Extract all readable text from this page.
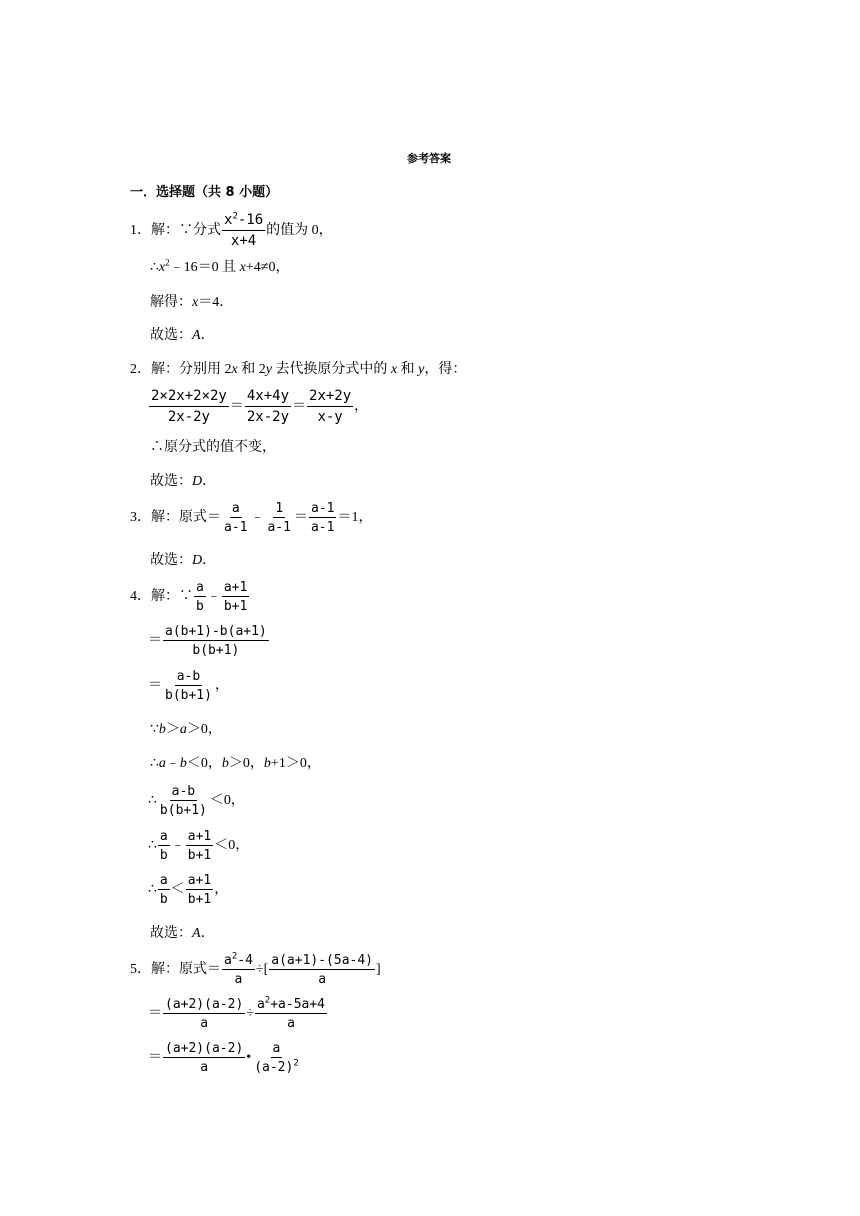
参考答案
一．选择题（共 8 小题）
1．解：∵分式 $\frac{x^2-16}{x+4}$ 的值为 0，
$\therefore x^2﹣16=0$ 且 x+4≠0，
解得：x＝4．
故选：A．
2．解：分别用 2x 和 2y 去代换原分式中的 x 和 y，得：
$\frac{2\times 2x+2\times 2y}{2x-2y} = \frac{4x+4y}{2x-2y} = \frac{2x+2y}{x-y}$ ，
∴原分式的值不变，
故选：D．
3．解：原式＝ $\frac{a}{a-1}$ ﹣ $\frac{1}{a-1} = \frac{a-1}{a-1} =1$，
故选：D．
4．解：∵ $\frac{a}{b}$ ﹣ $\frac{a+1}{b+1}$
＝ $\frac{a(b+1)-b(a+1)}{b(b+1)}$
＝ $\frac{a-b}{b(b+1)}$ ，
∵b＞a＞0，
∴a﹣b＜0，b＞0，b+1＞0，
∴ $\frac{a-b}{b(b+1)} <0$，
∴ $\frac{a}{b}$ ﹣ $\frac{a+1}{b+1} <0$，
∴ $\frac{a}{b} < \frac{a+1}{b+1}$ ，
故选：A．
5．解：原式＝ $\frac{a^2-4}{a}$ ÷[ $\frac{a(a+1)-(5a-4)}{a}$ ]
＝ $\frac{(a+2)(a-2)}{a} \div \frac{a^2+a-5a+4}{a}$
＝ $\frac{(a+2)(a-2)}{a}$ • $\frac{a}{(a-2)^2}$
